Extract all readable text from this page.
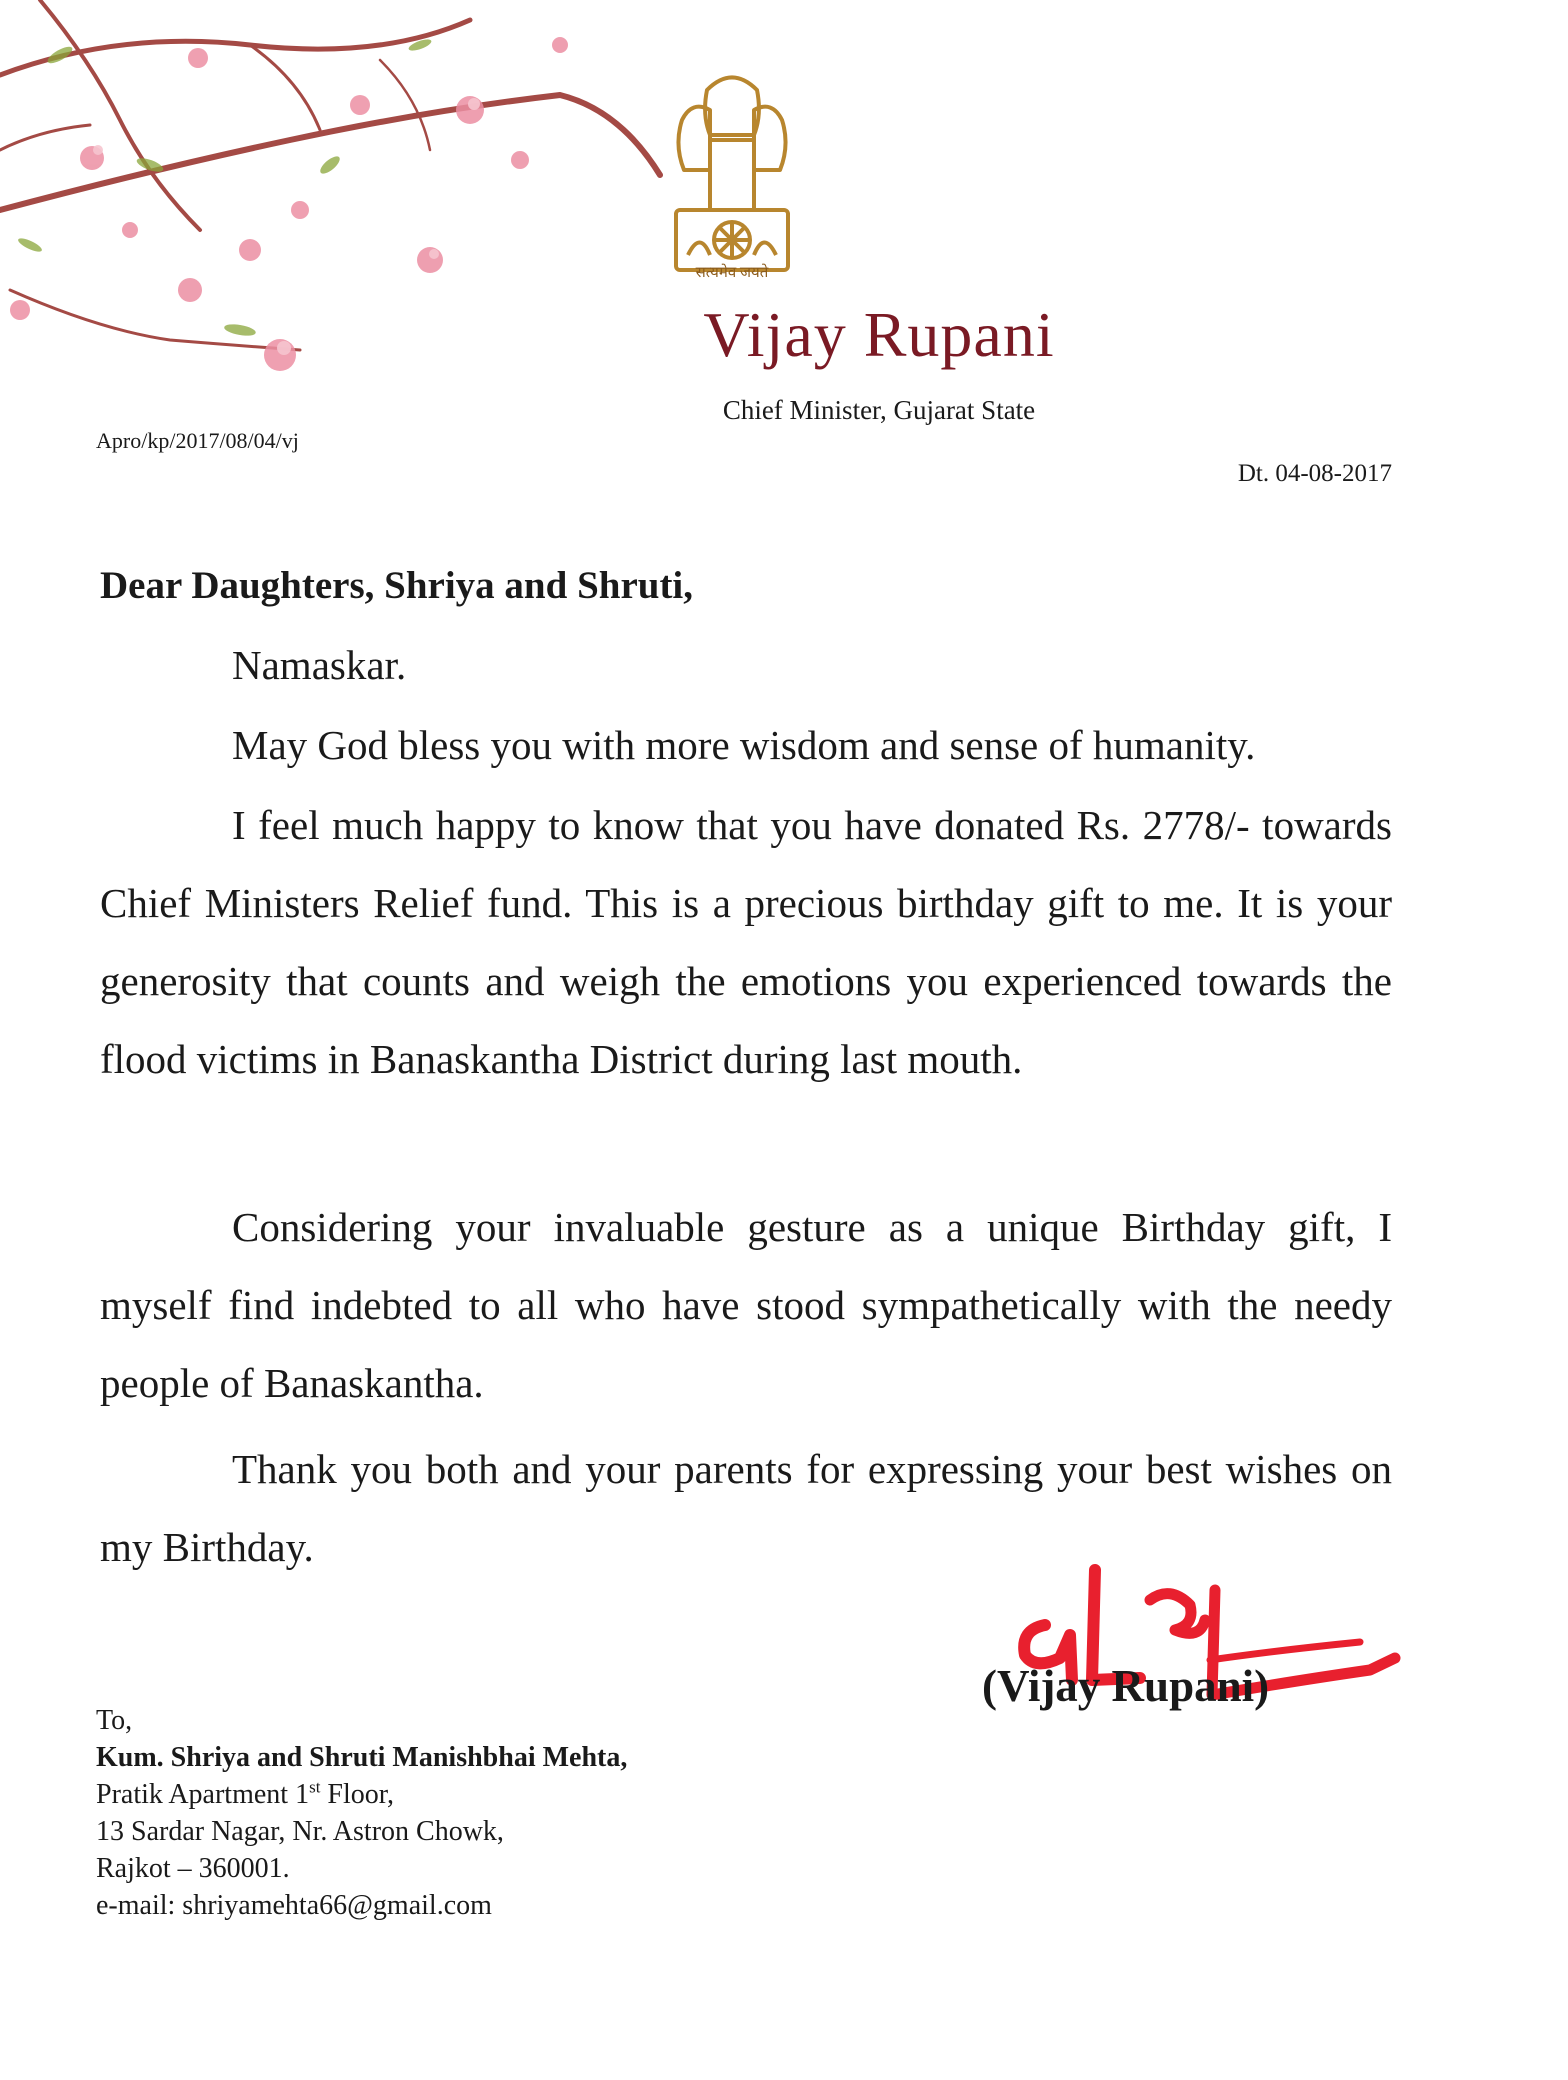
सत्यमेव जयते
Vijay Rupani
Chief Minister, Gujarat State
Apro/kp/2017/08/04/vj
Dt. 04-08-2017
Dear Daughters, Shriya and Shruti,
Namaskar.
May God bless you with more wisdom and sense of humanity.
I feel much happy to know that you have donated Rs. 2778/- towards Chief Ministers Relief fund. This is a precious birthday gift to me. It is your generosity that counts and weigh the emotions you experienced towards the flood victims in Banaskantha District during last mouth.
Considering your invaluable gesture as a unique Birthday gift, I myself find indebted to all who have stood sympathetically with the needy people of Banaskantha.
Thank you both and your parents for expressing your best wishes on my Birthday.
(Vijay Rupani)
To,
Kum. Shriya and Shruti Manishbhai Mehta,
Pratik Apartment 1st Floor,
13 Sardar Nagar, Nr. Astron Chowk,
Rajkot – 360001.
e-mail: shriyamehta66@gmail.com
